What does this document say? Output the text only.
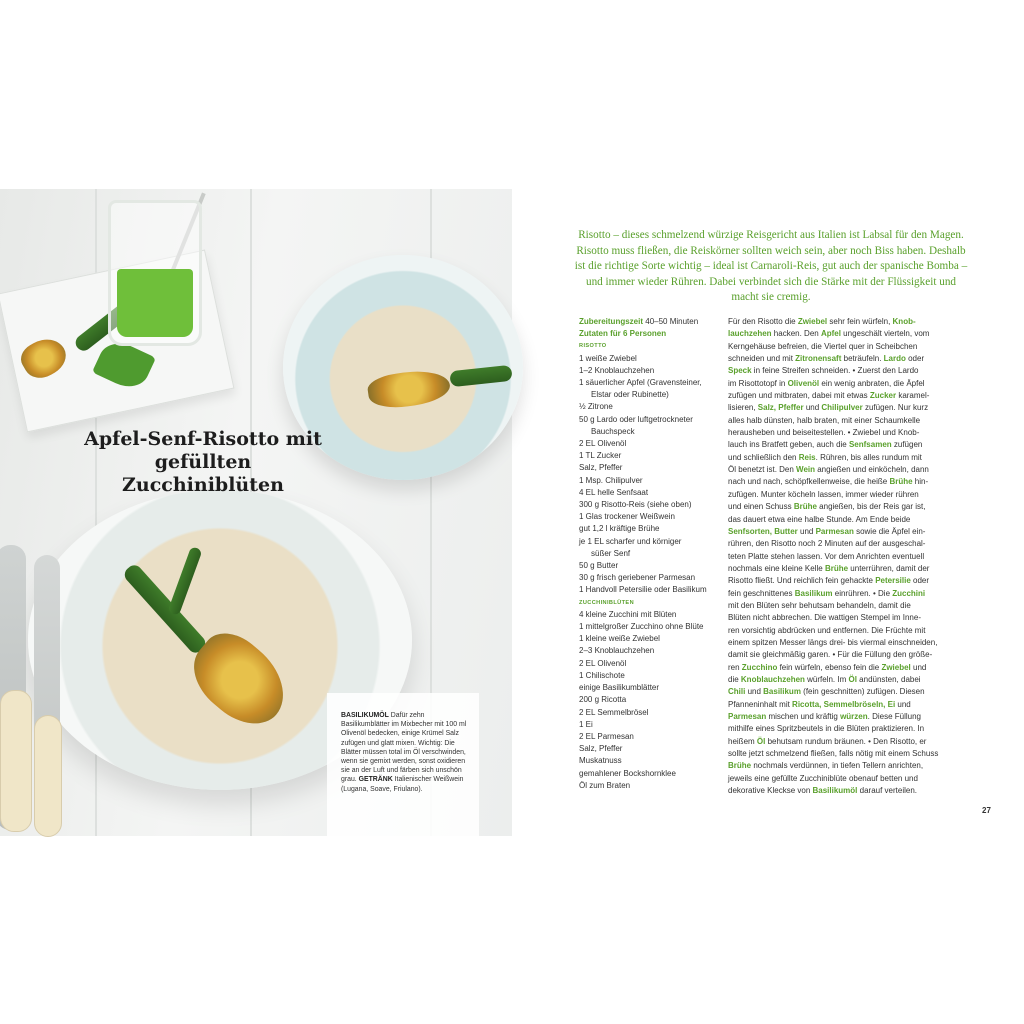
Apfel-Senf-Risotto mit gefüllten Zucchiniblüten
BASILIKUMÖL Dafür zehn Basilikumblätter im Mixbecher mit 100 ml Olivenöl bedecken, einige Krümel Salz zufügen und glatt mixen. Wichtig: Die Blätter müssen total im Öl verschwinden, wenn sie gemixt werden, sonst oxidieren sie an der Luft und färben sich unschön grau. GETRÄNK Italienischer Weißwein (Lugana, Soave, Friulano).
Risotto – dieses schmelzend würzige Reisgericht aus Italien ist Labsal für den Magen. Risotto muss fließen, die Reiskörner sollten weich sein, aber noch Biss haben. Deshalb ist die richtige Sorte wichtig – ideal ist Carnaroli-Reis, gut auch der spanische Bomba – und immer wieder Rühren. Dabei verbindet sich die Stärke mit der Flüssigkeit und macht sie cremig.
Zubereitungszeit 40–50 Minuten
Zutaten für 6 Personen
RISOTTO
1 weiße Zwiebel
1–2 Knoblauchzehen
1 säuerlicher Apfel (Gravensteiner,
Elstar oder Rubinette)
½ Zitrone
50 g Lardo oder luftgetrockneter
Bauchspeck
2 EL Olivenöl
1 TL Zucker
Salz, Pfeffer
1 Msp. Chilipulver
4 EL helle Senfsaat
300 g Risotto-Reis (siehe oben)
1 Glas trockener Weißwein
gut 1,2 l kräftige Brühe
je 1 EL scharfer und körniger
süßer Senf
50 g Butter
30 g frisch geriebener Parmesan
1 Handvoll Petersilie oder Basilikum
ZUCCHINIBLÜTEN
4 kleine Zucchini mit Blüten
1 mittelgroßer Zucchino ohne Blüte
1 kleine weiße Zwiebel
2–3 Knoblauchzehen
2 EL Olivenöl
1 Chilischote
einige Basilikumblätter
200 g Ricotta
2 EL Semmelbrösel
1 Ei
2 EL Parmesan
Salz, Pfeffer
Muskatnuss
gemahlener Bockshornklee
Öl zum Braten
Für den Risotto die Zwiebel sehr fein würfeln, Knob-
lauchzehen hacken. Den Apfel ungeschält vierteln, vom
Kerngehäuse befreien, die Viertel quer in Scheibchen
schneiden und mit Zitronensaft beträufeln. Lardo oder
Speck in feine Streifen schneiden. • Zuerst den Lardo
im Risottotopf in Olivenöl ein wenig anbraten, die Äpfel
zufügen und mitbraten, dabei mit etwas Zucker karamel-
lisieren, Salz, Pfeffer und Chilipulver zufügen. Nur kurz
alles halb dünsten, halb braten, mit einer Schaumkelle
herausheben und beiseitestellen. • Zwiebel und Knob-
lauch ins Bratfett geben, auch die Senfsamen zufügen
und schließlich den Reis. Rühren, bis alles rundum mit
Öl benetzt ist. Den Wein angießen und einköcheln, dann
nach und nach, schöpfkellenweise, die heiße Brühe hin-
zufügen. Munter köcheln lassen, immer wieder rühren
und einen Schuss Brühe angießen, bis der Reis gar ist,
das dauert etwa eine halbe Stunde. Am Ende beide
Senfsorten, Butter und Parmesan sowie die Äpfel ein-
rühren, den Risotto noch 2 Minuten auf der ausgeschal-
teten Platte stehen lassen. Vor dem Anrichten eventuell
nochmals eine kleine Kelle Brühe unterrühren, damit der
Risotto fließt. Und reichlich fein gehackte Petersilie oder
fein geschnittenes Basilikum einrühren. • Die Zucchini
mit den Blüten sehr behutsam behandeln, damit die
Blüten nicht abbrechen. Die wattigen Stempel im Inne-
ren vorsichtig abdrücken und entfernen. Die Früchte mit
einem spitzen Messer längs drei- bis viermal einschneiden,
damit sie gleichmäßig garen. • Für die Füllung den größe-
ren Zucchino fein würfeln, ebenso fein die Zwiebel und
die Knoblauchzehen würfeln. Im Öl andünsten, dabei
Chili und Basilikum (fein geschnitten) zufügen. Diesen
Pfanneninhalt mit Ricotta, Semmelbröseln, Ei und
Parmesan mischen und kräftig würzen. Diese Füllung
mithilfe eines Spritzbeutels in die Blüten praktizieren. In
heißem Öl behutsam rundum bräunen. • Den Risotto, er
sollte jetzt schmelzend fließen, falls nötig mit einem Schuss
Brühe nochmals verdünnen, in tiefen Tellern anrichten,
jeweils eine gefüllte Zucchiniblüte obenauf betten und
dekorative Kleckse von Basilikumöl darauf verteilen.
27
